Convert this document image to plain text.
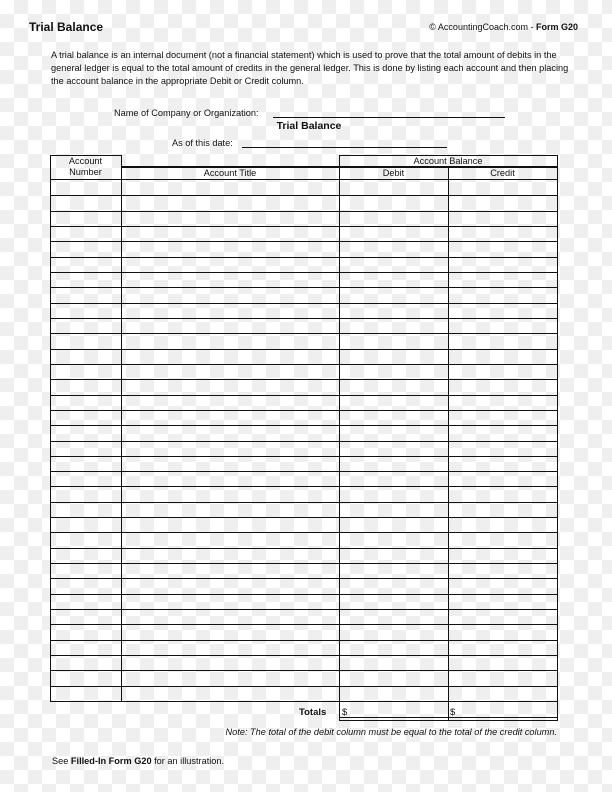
Trial Balance	© AccountingCoach.com - Form G20
A trial balance is an internal document (not a financial statement) which is used to prove that the total amount of debits in the general ledger is equal to the total amount of credits in the general ledger. This is done by listing each account and then placing the account balance in the appropriate Debit or Credit column.
Name of Company or Organization:
Trial Balance
As of this date:
Account
Number	Account Title
Account Balance
Debit	Credit
Totals $	$
Note: The total of the debit column must be equal to the total of the credit column.
See Filled-In Form G20 for an illustration.
